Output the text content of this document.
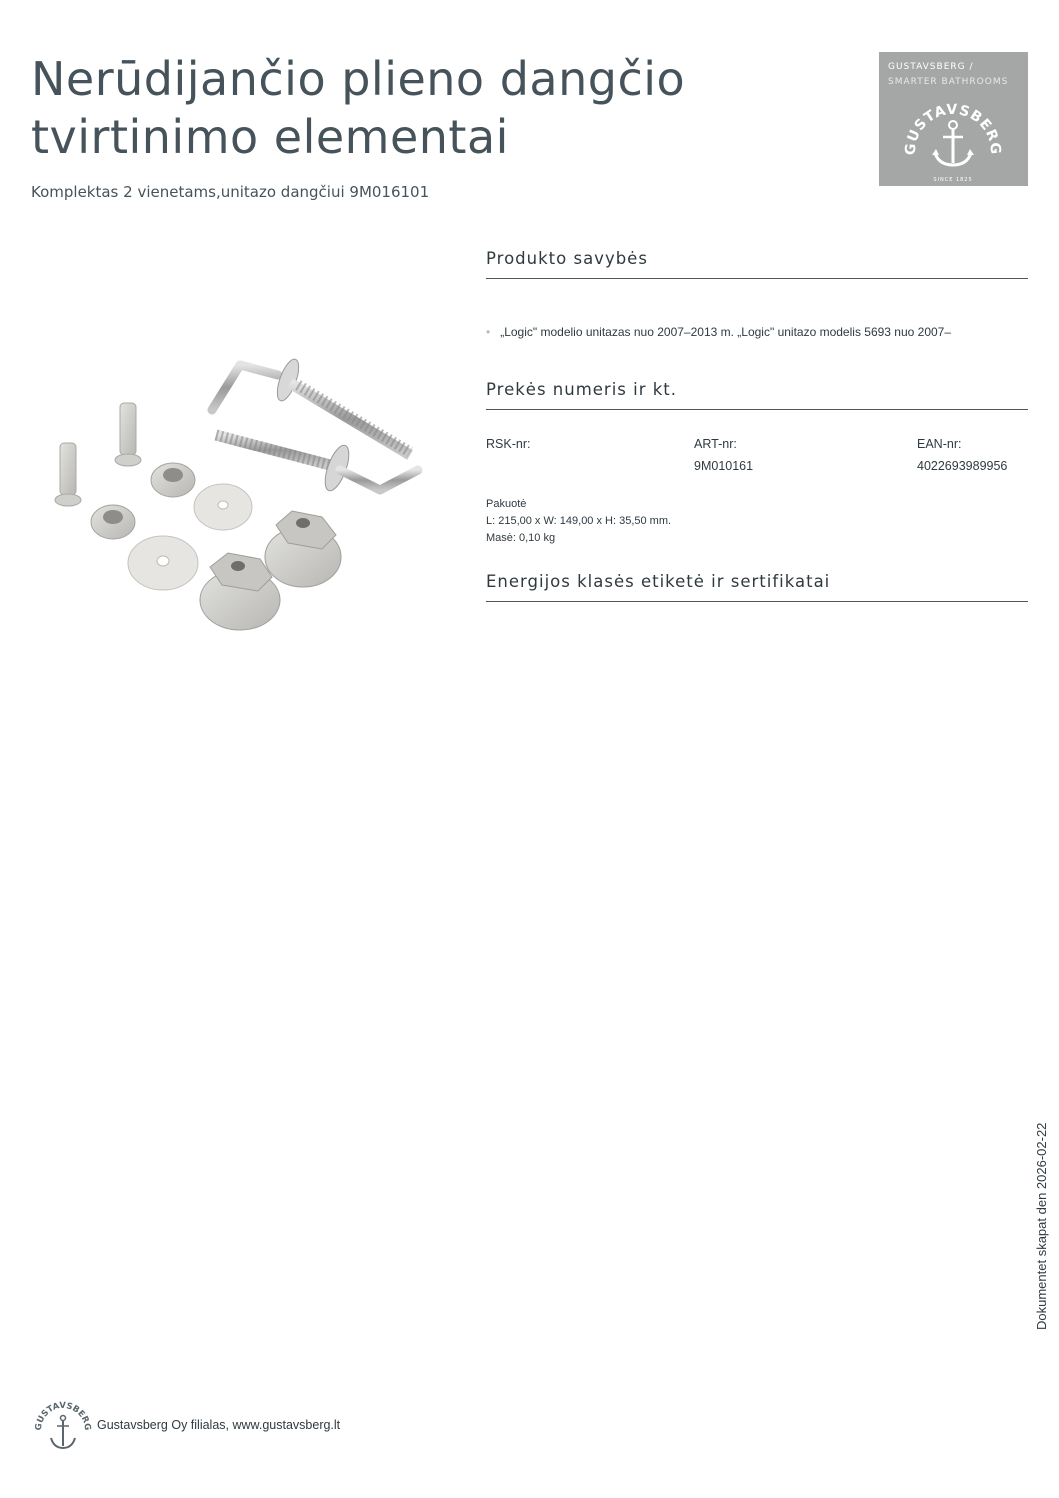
Nerūdijančio plieno dangčio
tvirtinimo elementai
Komplektas 2 vienetams,unitazo dangčiui 9M016101
GUSTAVSBERG /
SMARTER BATHROOMS
GUSTAVSBERG
SINCE 1825
Produkto savybės
• „Logic" modelio unitazas nuo 2007–2013 m. „Logic" unitazo modelis 5693 nuo 2007–
Prekės numeris ir kt.
RSK-nr:	ART-nr:
9M010161
EAN-nr:
4022693989956
Pakuotė
L: 215,00 x W: 149,00 x H: 35,50 mm.
Masė: 0,10 kg
Energijos klasės etiketė ir sertifikatai
Dokumentet skapat den 2026-02-22
GUSTAVSBERG Gustavsberg Oy filialas, www.gustavsberg.lt
